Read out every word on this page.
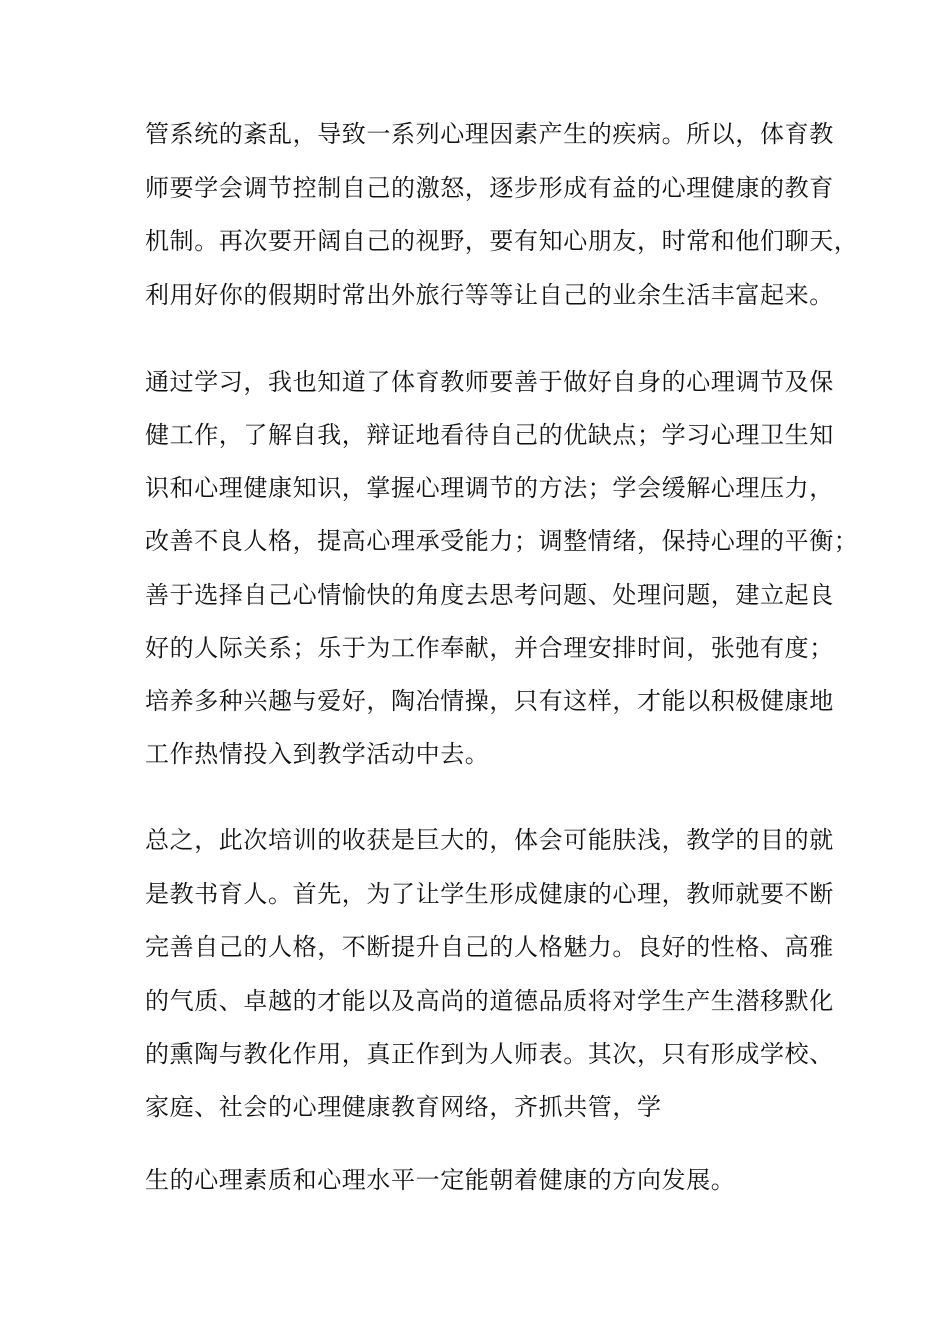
管系统的紊乱，导致一系列心理因素产生的疾病。所以，体育教
师要学会调节控制自己的激怒，逐步形成有益的心理健康的教育
机制。再次要开阔自己的视野，要有知心朋友，时常和他们聊天，
利用好你的假期时常出外旅行等等让自己的业余生活丰富起来。
通过学习，我也知道了体育教师要善于做好自身的心理调节及保
健工作，了解自我，辩证地看待自己的优缺点；学习心理卫生知
识和心理健康知识，掌握心理调节的方法；学会缓解心理压力，
改善不良人格，提高心理承受能力；调整情绪，保持心理的平衡；
善于选择自己心情愉快的角度去思考问题、处理问题，建立起良
好的人际关系；乐于为工作奉献，并合理安排时间，张弛有度；
培养多种兴趣与爱好，陶冶情操，只有这样，才能以积极健康地
工作热情投入到教学活动中去。
总之，此次培训的收获是巨大的，体会可能肤浅，教学的目的就
是教书育人。首先，为了让学生形成健康的心理，教师就要不断
完善自己的人格，不断提升自己的人格魅力。良好的性格、高雅
的气质、卓越的才能以及高尚的道德品质将对学生产生潜移默化
的熏陶与教化作用，真正作到为人师表。其次，只有形成学校、
家庭、社会的心理健康教育网络，齐抓共管，学
生的心理素质和心理水平一定能朝着健康的方向发展。
